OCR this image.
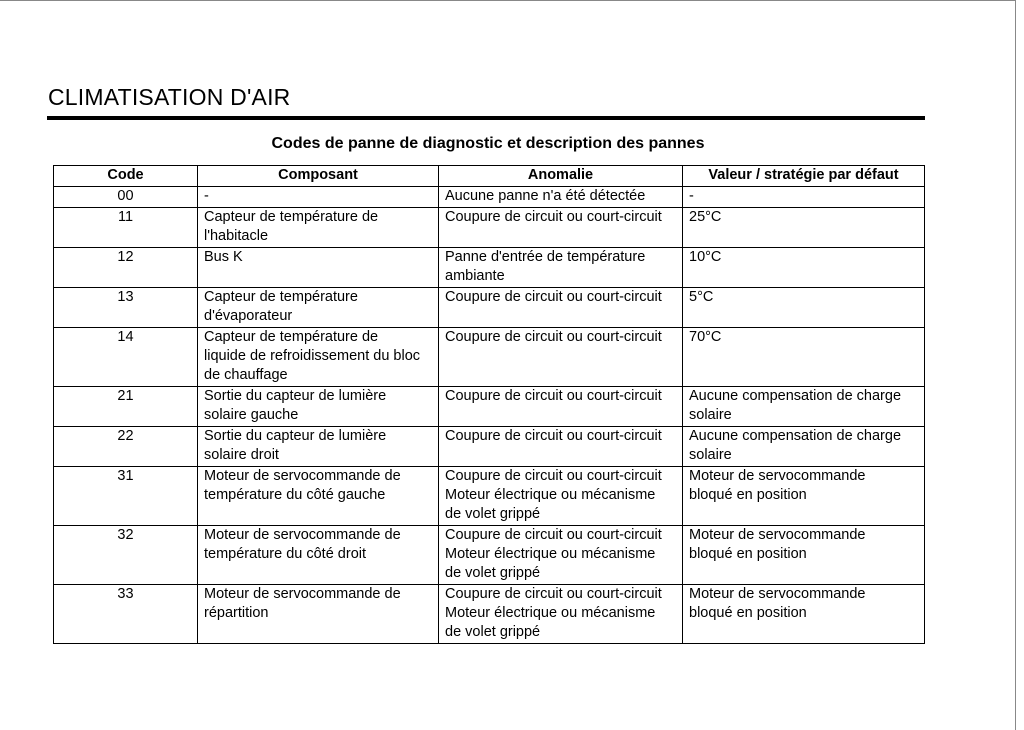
CLIMATISATION D'AIR
Codes de panne de diagnostic et description des pannes
Code	Composant	Anomalie	Valeur / stratégie par défaut
00	-	Aucune panne n'a été détectée	-

11	Capteur de température de
l'habitacle	Coupure de circuit ou court-circuit	25°C

12	Bus K	Panne d'entrée de température
ambiante	10°C

13	Capteur de température
d'évaporateur	Coupure de circuit ou court-circuit	5°C

14	Capteur de température de
liquide de refroidissement du bloc
de chauffage	Coupure de circuit ou court-circuit	70°C

21	Sortie du capteur de lumière
solaire gauche	Coupure de circuit ou court-circuit	Aucune compensation de charge
solaire

22	Sortie du capteur de lumière
solaire droit	Coupure de circuit ou court-circuit	Aucune compensation de charge
solaire

31	Moteur de servocommande de
température du côté gauche	Coupure de circuit ou court-circuit
Moteur électrique ou mécanisme
de volet grippé	Moteur de servocommande
bloqué en position

32	Moteur de servocommande de
température du côté droit	Coupure de circuit ou court-circuit
Moteur électrique ou mécanisme
de volet grippé	Moteur de servocommande
bloqué en position

33	Moteur de servocommande de
répartition	Coupure de circuit ou court-circuit
Moteur électrique ou mécanisme
de volet grippé	Moteur de servocommande
bloqué en position
